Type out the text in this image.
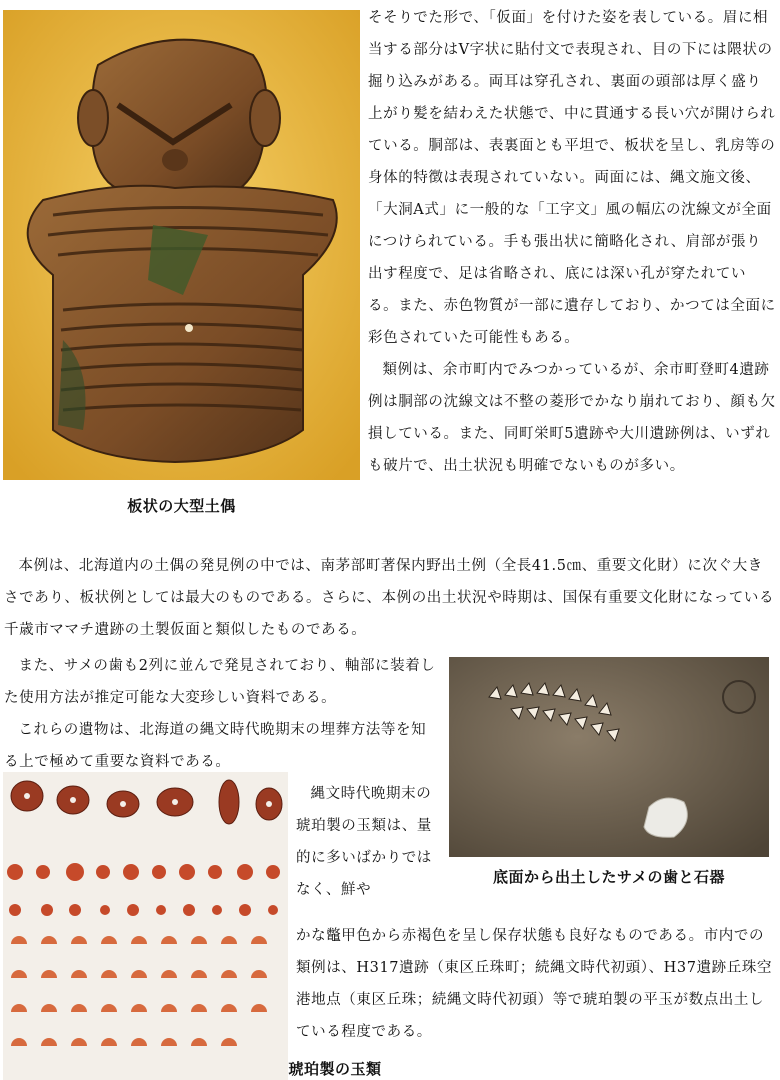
板状の大型土偶

そそりでた形で、「仮面」を付けた姿を表している。眉に相当する部分はV字状に貼付文で表現され、目の下には隈状の掘り込みがある。両耳は穿孔され、裏面の頭部は厚く盛り上がり髪を結わえた状態で、中に貫通する長い穴が開けられている。胴部は、表裏面とも平坦で、板状を呈し、乳房等の身体的特徴は表現されていない。両面には、縄文施文後、「大洞A式」に一般的な「工字文」風の幅広の沈線文が全面につけられている。手も張出状に簡略化され、肩部が張り出す程度で、足は省略され、底には深い孔が穿たれている。また、赤色物質が一部に遺存しており、かつては全面に彩色されていた可能性もある。

類例は、余市町内でみつかっているが、余市町登町4遺跡例は胴部の沈線文は不整の菱形でかなり崩れており、顔も欠損している。また、同町栄町5遺跡や大川遺跡例は、いずれも破片で、出土状況も明確でないものが多い。

本例は、北海道内の土偶の発見例の中では、南茅部町著保内野出土例（全長41.5㎝、重要文化財）に次ぐ大きさであり、板状例としては最大のものである。さらに、本例の出土状況や時期は、国保有重要文化財になっている千歳市ママチ遺跡の土製仮面と類似したものである。

また、サメの歯も2列に並んで発見されており、軸部に装着した使用方法が推定可能な大変珍しい資料である。

これらの遺物は、北海道の縄文時代晩期末の埋葬方法等を知る上で極めて重要な資料である。

底面から出土したサメの歯と石器

縄文時代晩期末の琥珀製の玉類は、量的に多いばかりではなく、鮮や

かな鼈甲色から赤褐色を呈し保存状態も良好なものである。市内での類例は、H317遺跡（東区丘珠町；続縄文時代初頭）、H37遺跡丘珠空港地点（東区丘珠；続縄文時代初頭）等で琥珀製の平玉が数点出土している程度である。

琥珀製の玉類
